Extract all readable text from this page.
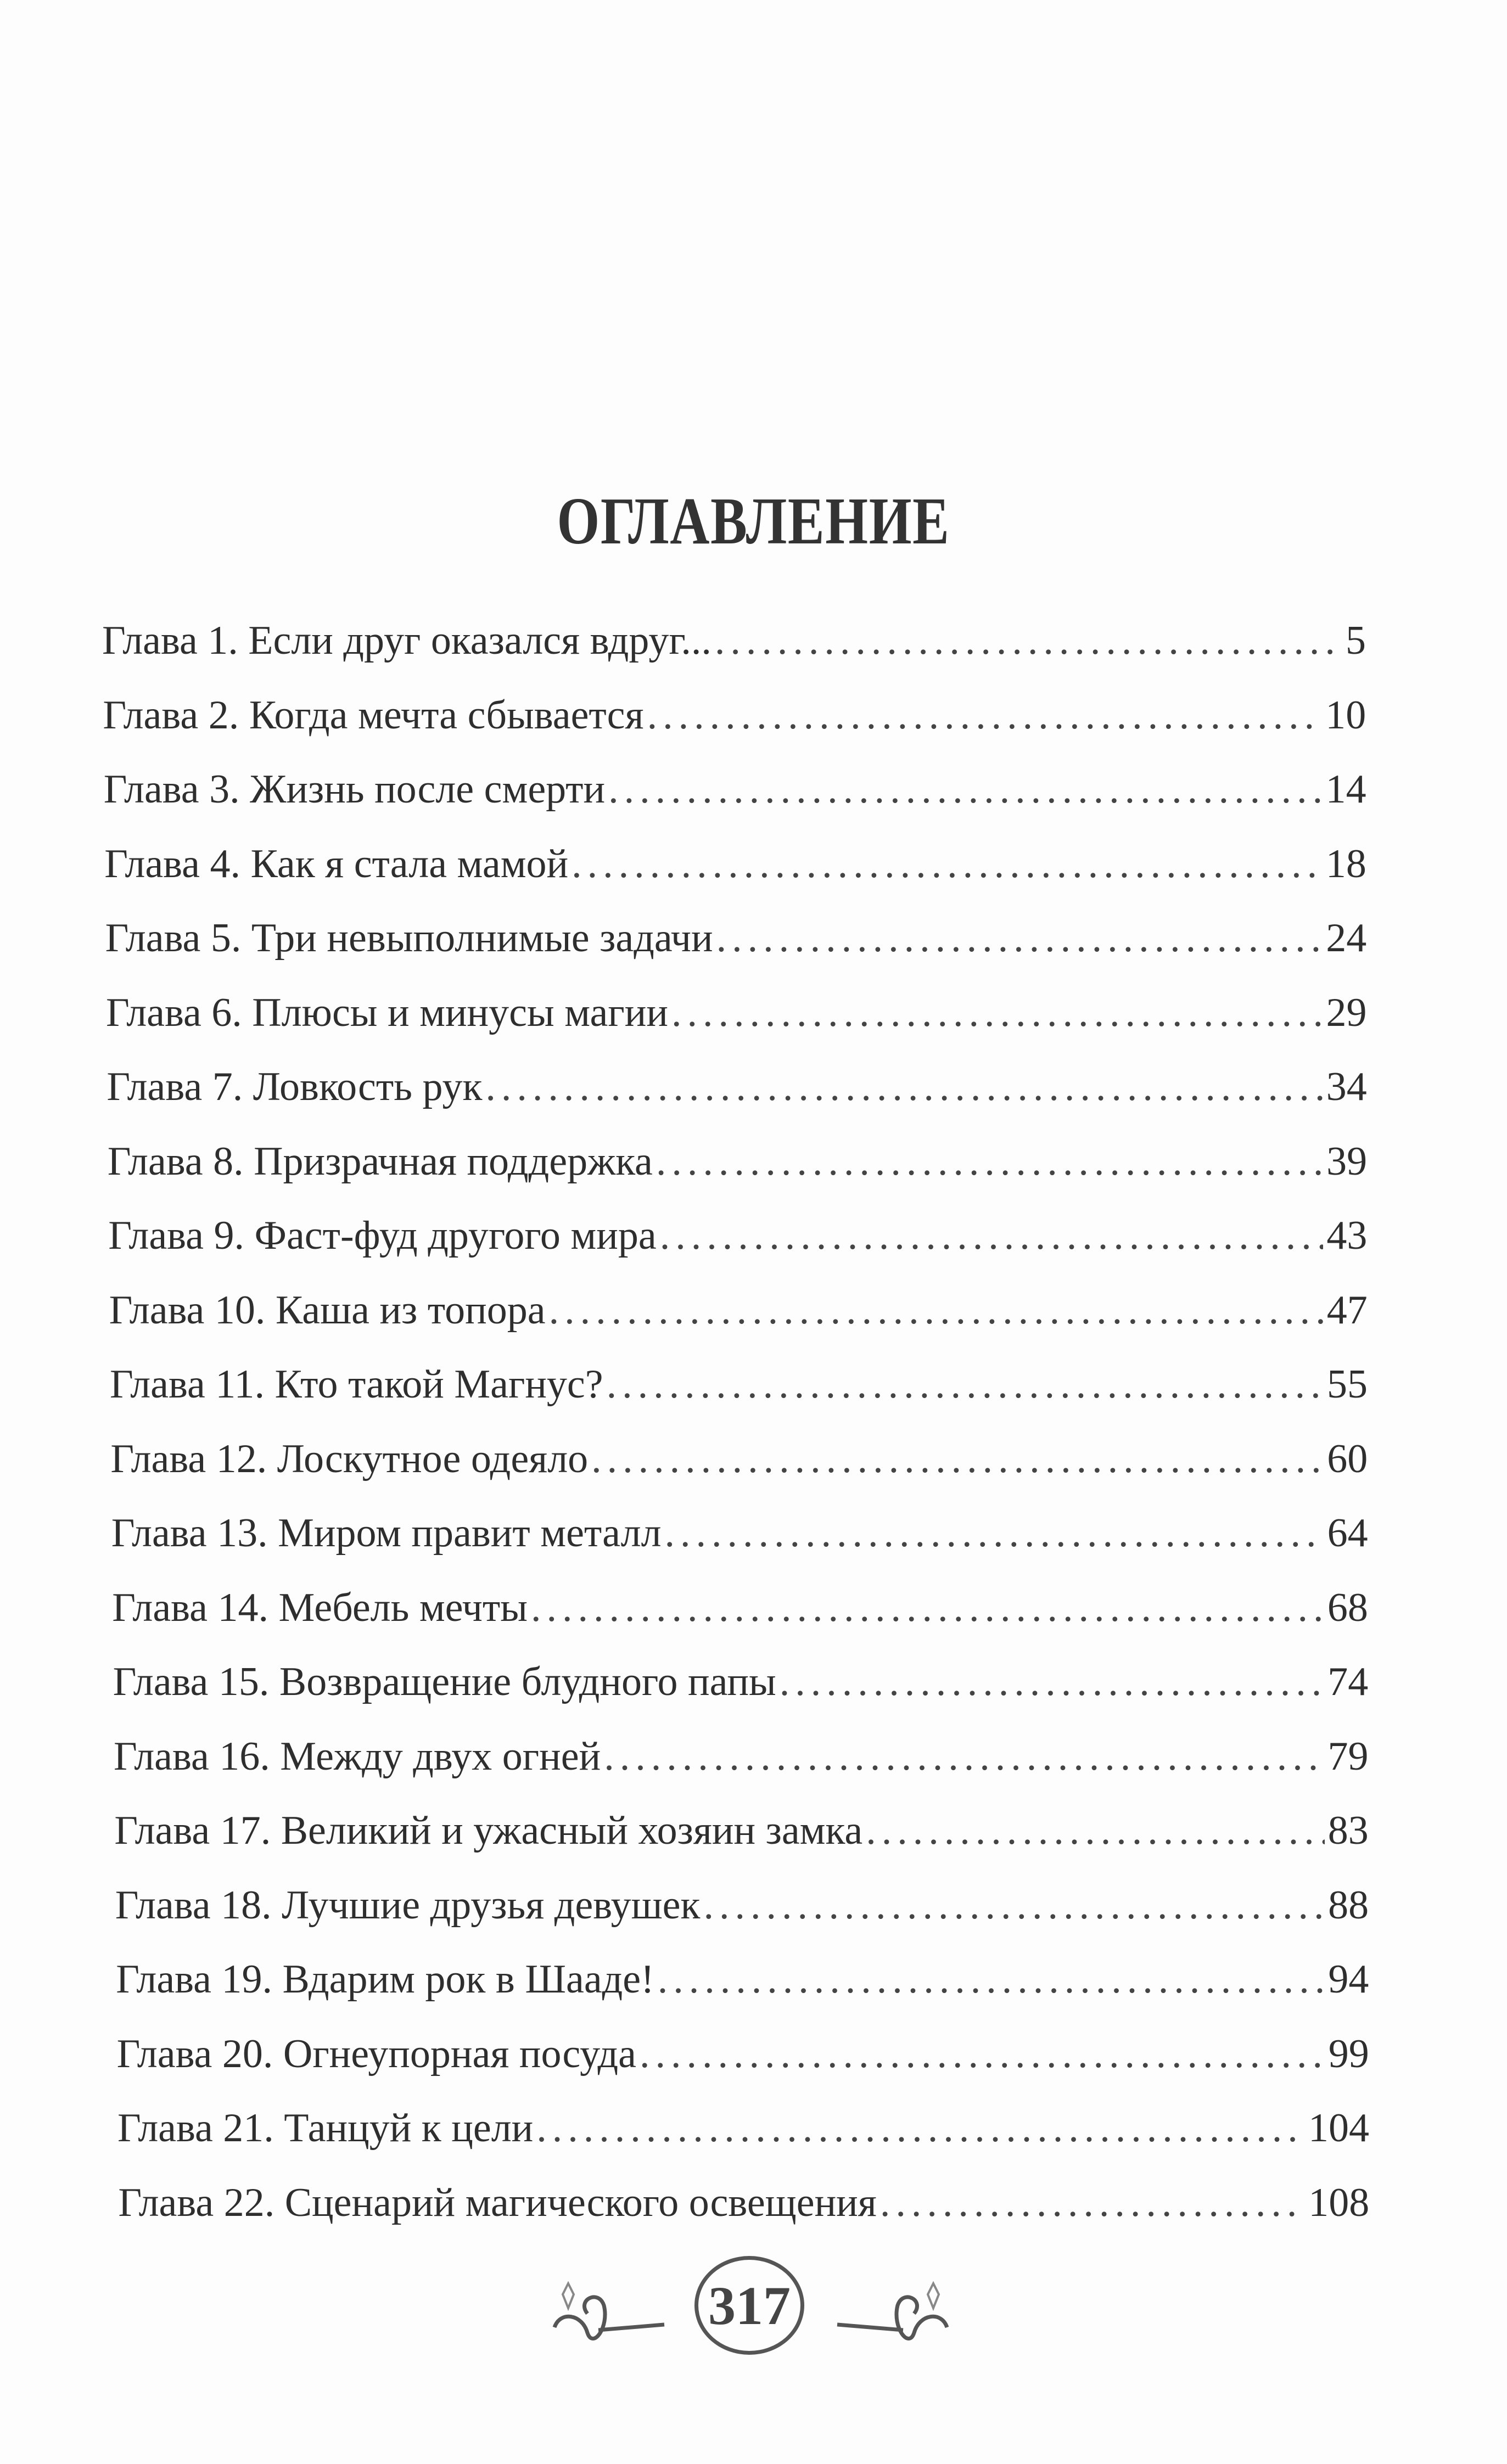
ОГЛАВЛЕНИЕ
Глава 1. Если друг оказался вдруг... .....	5
Глава 2. Когда мечта сбывается .....	10
Глава 3. Жизнь после смерти .....	14
Глава 4. Как я стала мамой .....	18
Глава 5. Три невыполнимые задачи .....	24
Глава 6. Плюсы и минусы магии .....	29
Глава 7. Ловкость рук .....	34
Глава 8. Призрачная поддержка .....	39
Глава 9. Фаст-фуд другого мира .....	43
Глава 10. Каша из топора .....	47
Глава 11. Кто такой Магнус? .....	55
Глава 12. Лоскутное одеяло .....	60
Глава 13. Миром правит металл .....	64
Глава 14. Мебель мечты .....	68
Глава 15. Возвращение блудного папы .....	74
Глава 16. Между двух огней .....	79
Глава 17. Великий и ужасный хозяин замка .....	83
Глава 18. Лучшие друзья девушек .....	88
Глава 19. Вдарим рок в Шааде! .....	94
Глава 20. Огнеупорная посуда .....	99
Глава 21. Танцуй к цели .....	104
Глава 22. Сценарий магического освещения .....	108
317
